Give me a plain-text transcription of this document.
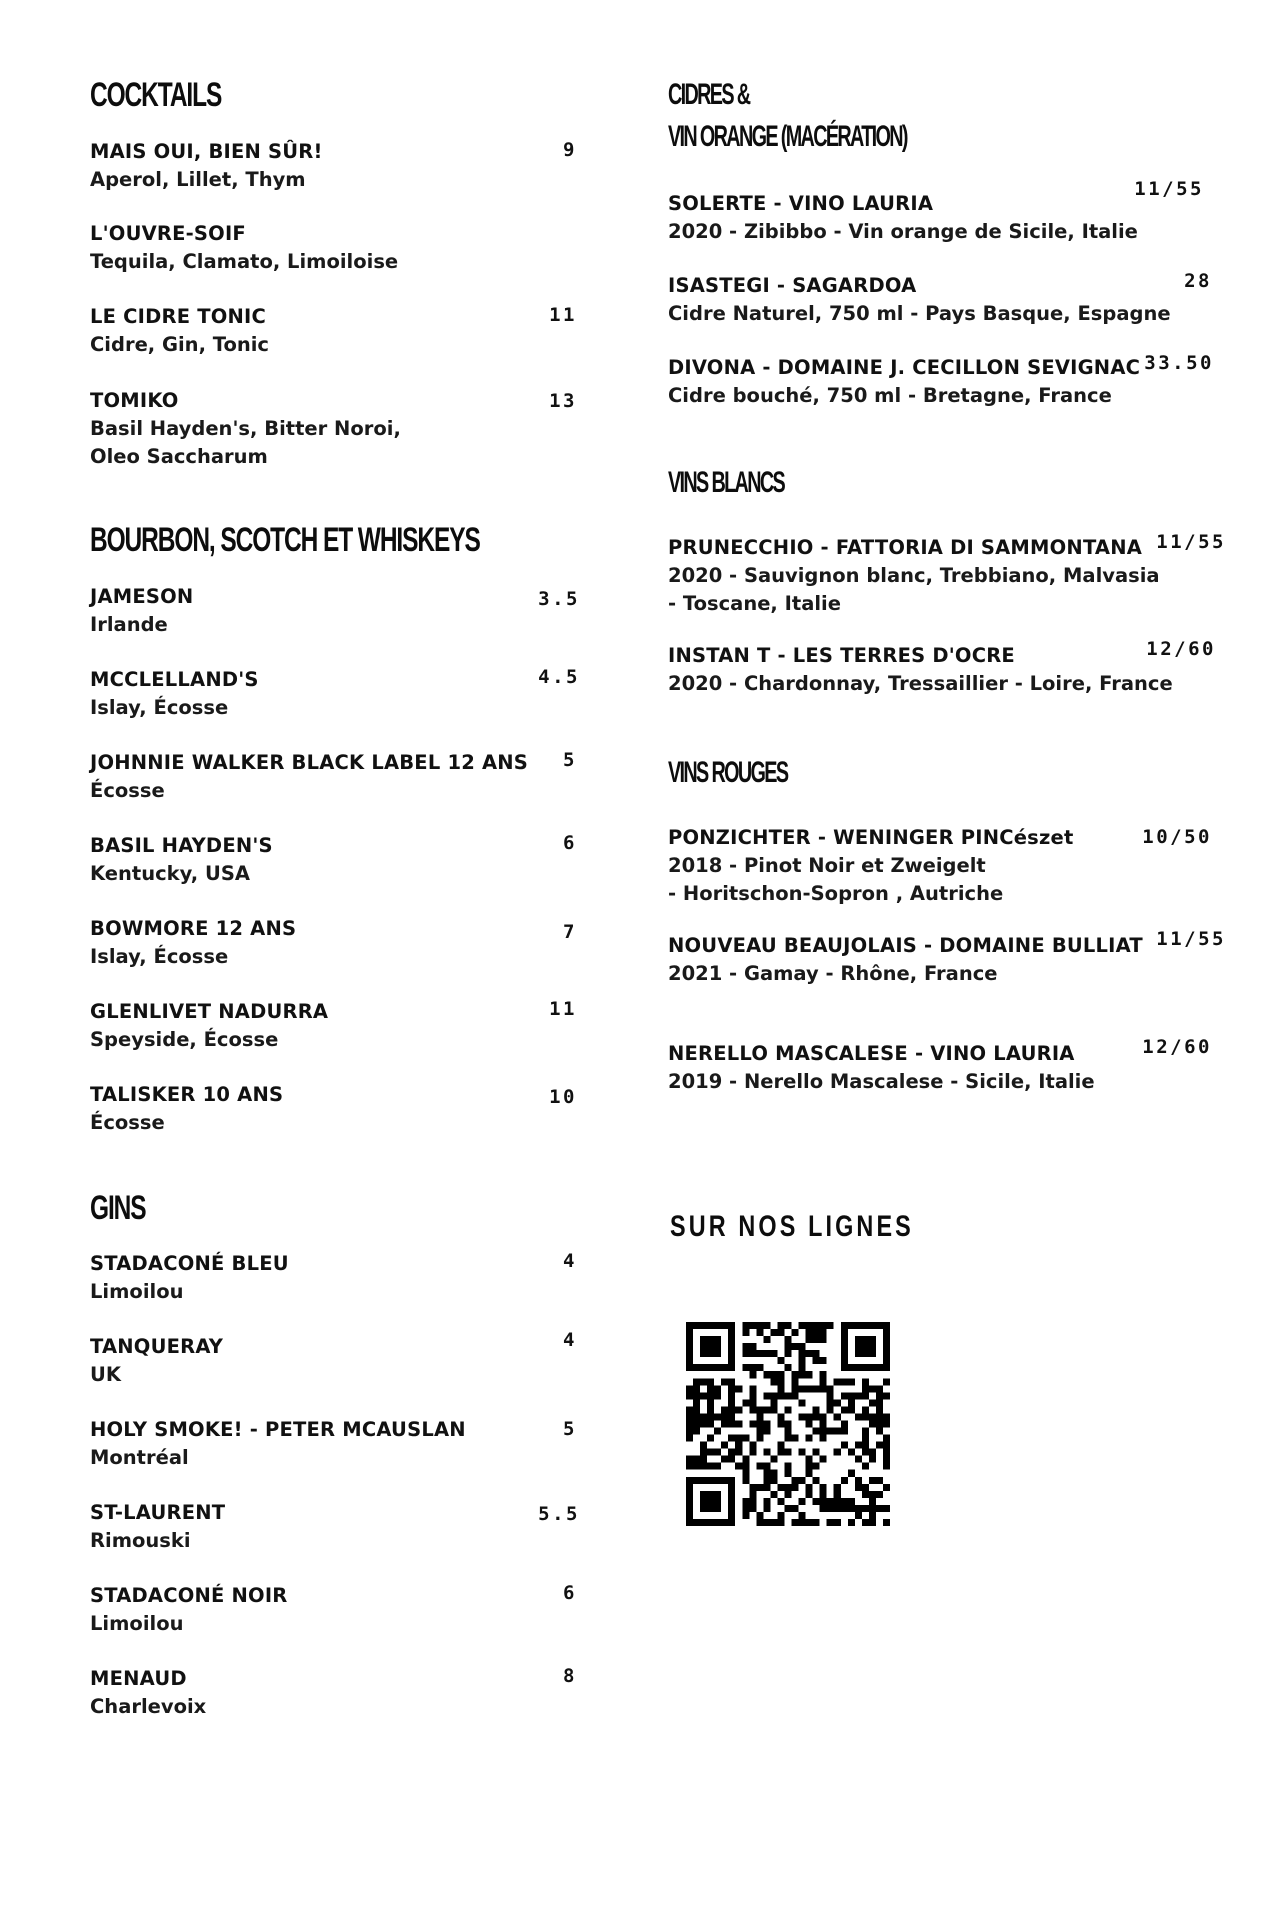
COCKTAILS
MAIS OUI, BIEN SÛR!
Aperol, Lillet, Thym
9
L'OUVRE-SOIF
Tequila, Clamato, Limoiloise
LE CIDRE TONIC
Cidre, Gin, Tonic
11
TOMIKO
Basil Hayden's, Bitter Noroi,
Oleo Saccharum
13
BOURBON, SCOTCH ET WHISKEYS
JAMESON
Irlande
3.5
MCCLELLAND'S
Islay, Écosse
4.5
JOHNNIE WALKER BLACK LABEL 12 ANS
Écosse
5
BASIL HAYDEN'S
Kentucky, USA
6
BOWMORE 12 ANS
Islay, Écosse
7
GLENLIVET NADURRA
Speyside, Écosse
11
TALISKER 10 ANS
Écosse
10
GINS
STADACONÉ BLEU
Limoilou
4
TANQUERAY
UK
4
HOLY SMOKE! - PETER MCAUSLAN
Montréal
5
ST-LAURENT
Rimouski
5.5
STADACONÉ NOIR
Limoilou
6
MENAUD
Charlevoix
8
CIDRES &
VIN ORANGE (MACÉRATION)
SOLERTE - VINO LAURIA
2020 - Zibibbo - Vin orange de Sicile, Italie
11/55
ISASTEGI - SAGARDOA
Cidre Naturel, 750 ml - Pays Basque, Espagne
28
DIVONA - DOMAINE J. CECILLON SEVIGNAC
Cidre bouché, 750 ml - Bretagne, France
33.50
VINS BLANCS
PRUNECCHIO - FATTORIA DI SAMMONTANA
2020 - Sauvignon blanc, Trebbiano, Malvasia
- Toscane, Italie
11/55
INSTAN T - LES TERRES D'OCRE
2020 - Chardonnay, Tressaillier - Loire, France
12/60
VINS ROUGES
PONZICHTER - WENINGER PINCészet
2018 - Pinot Noir et Zweigelt
- Horitschon-Sopron , Autriche
10/50
NOUVEAU BEAUJOLAIS - DOMAINE BULLIAT
2021 - Gamay - Rhône, France
11/55
NERELLO MASCALESE - VINO LAURIA
2019 - Nerello Mascalese - Sicile, Italie
12/60
SUR NOS LIGNES
